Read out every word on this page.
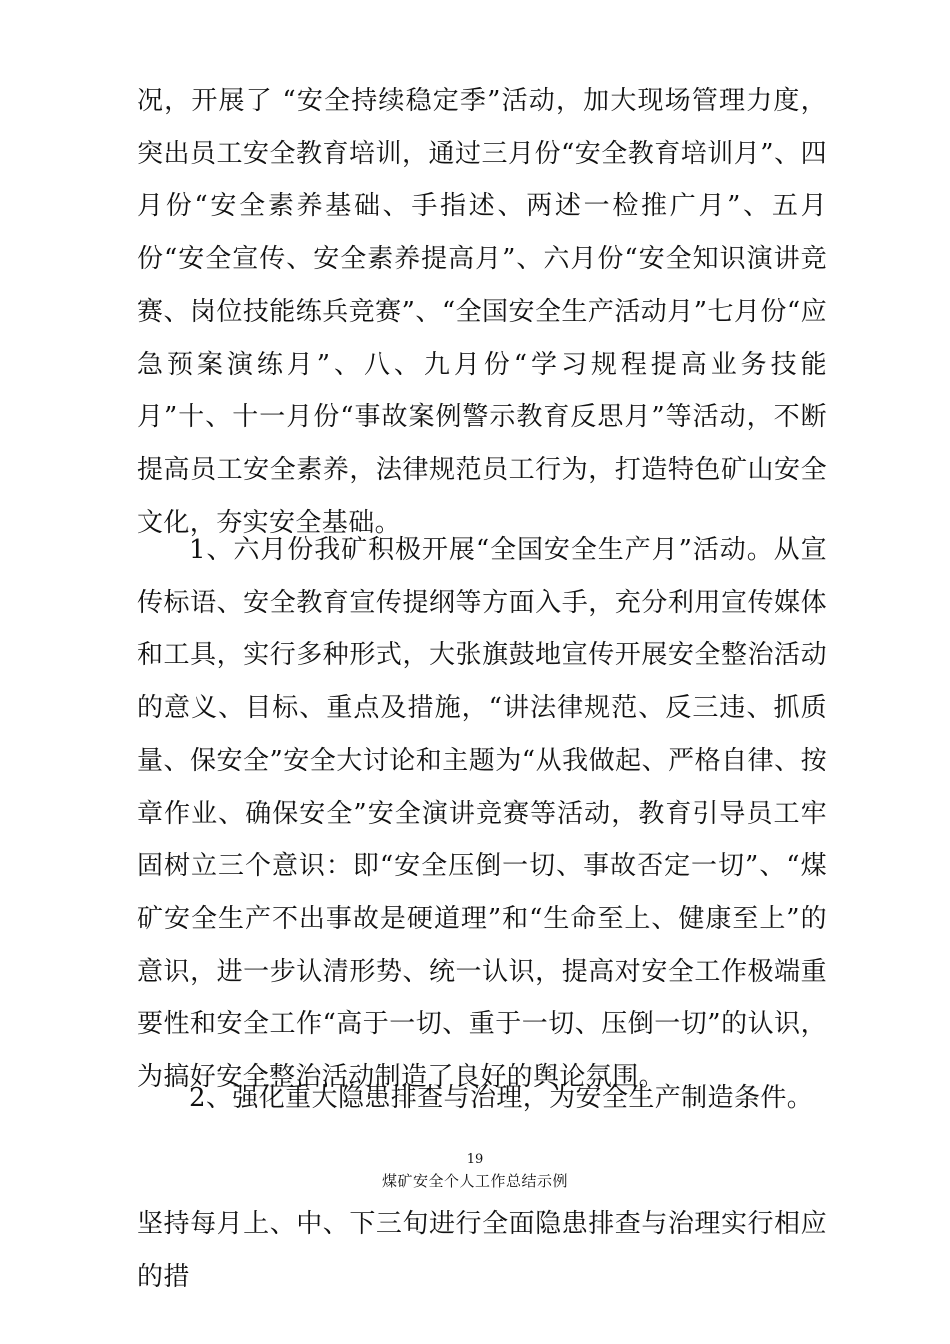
况，开展了 “安全持续稳定季”活动，加大现场管理力度，突出员工安全教育培训，通过三月份“安全教育培训月”、四月份“安全素养基础、手指述、两述一检推广月”、五月份“安全宣传、安全素养提高月”、六月份“安全知识演讲竞赛、岗位技能练兵竞赛”、“全国安全生产活动月”七月份“应急预案演练月”、八、九月份“学习规程提高业务技能月”十、十一月份“事故案例警示教育反思月”等活动，不断提高员工安全素养，法律规范员工行为，打造特色矿山安全文化，夯实安全基础。

1、六月份我矿积极开展“全国安全生产月”活动。从宣传标语、安全教育宣传提纲等方面入手，充分利用宣传媒体和工具，实行多种形式，大张旗鼓地宣传开展安全整治活动的意义、目标、重点及措施，“讲法律规范、反三违、抓质量、保安全”安全大讨论和主题为“从我做起、严格自律、按章作业、确保安全”安全演讲竞赛等活动，教育引导员工牢固树立三个意识：即“安全压倒一切、事故否定一切”、“煤矿安全生产不出事故是硬道理”和“生命至上、健康至上”的意识，进一步认清形势、统一认识，提高对安全工作极端重要性和安全工作“高于一切、重于一切、压倒一切”的认识，为搞好安全整治活动制造了良好的舆论氛围。

2、强化重大隐患排查与治理，为安全生产制造条件。

19
煤矿安全个人工作总结示例

坚持每月上、中、下三旬进行全面隐患排查与治理实行相应的措
